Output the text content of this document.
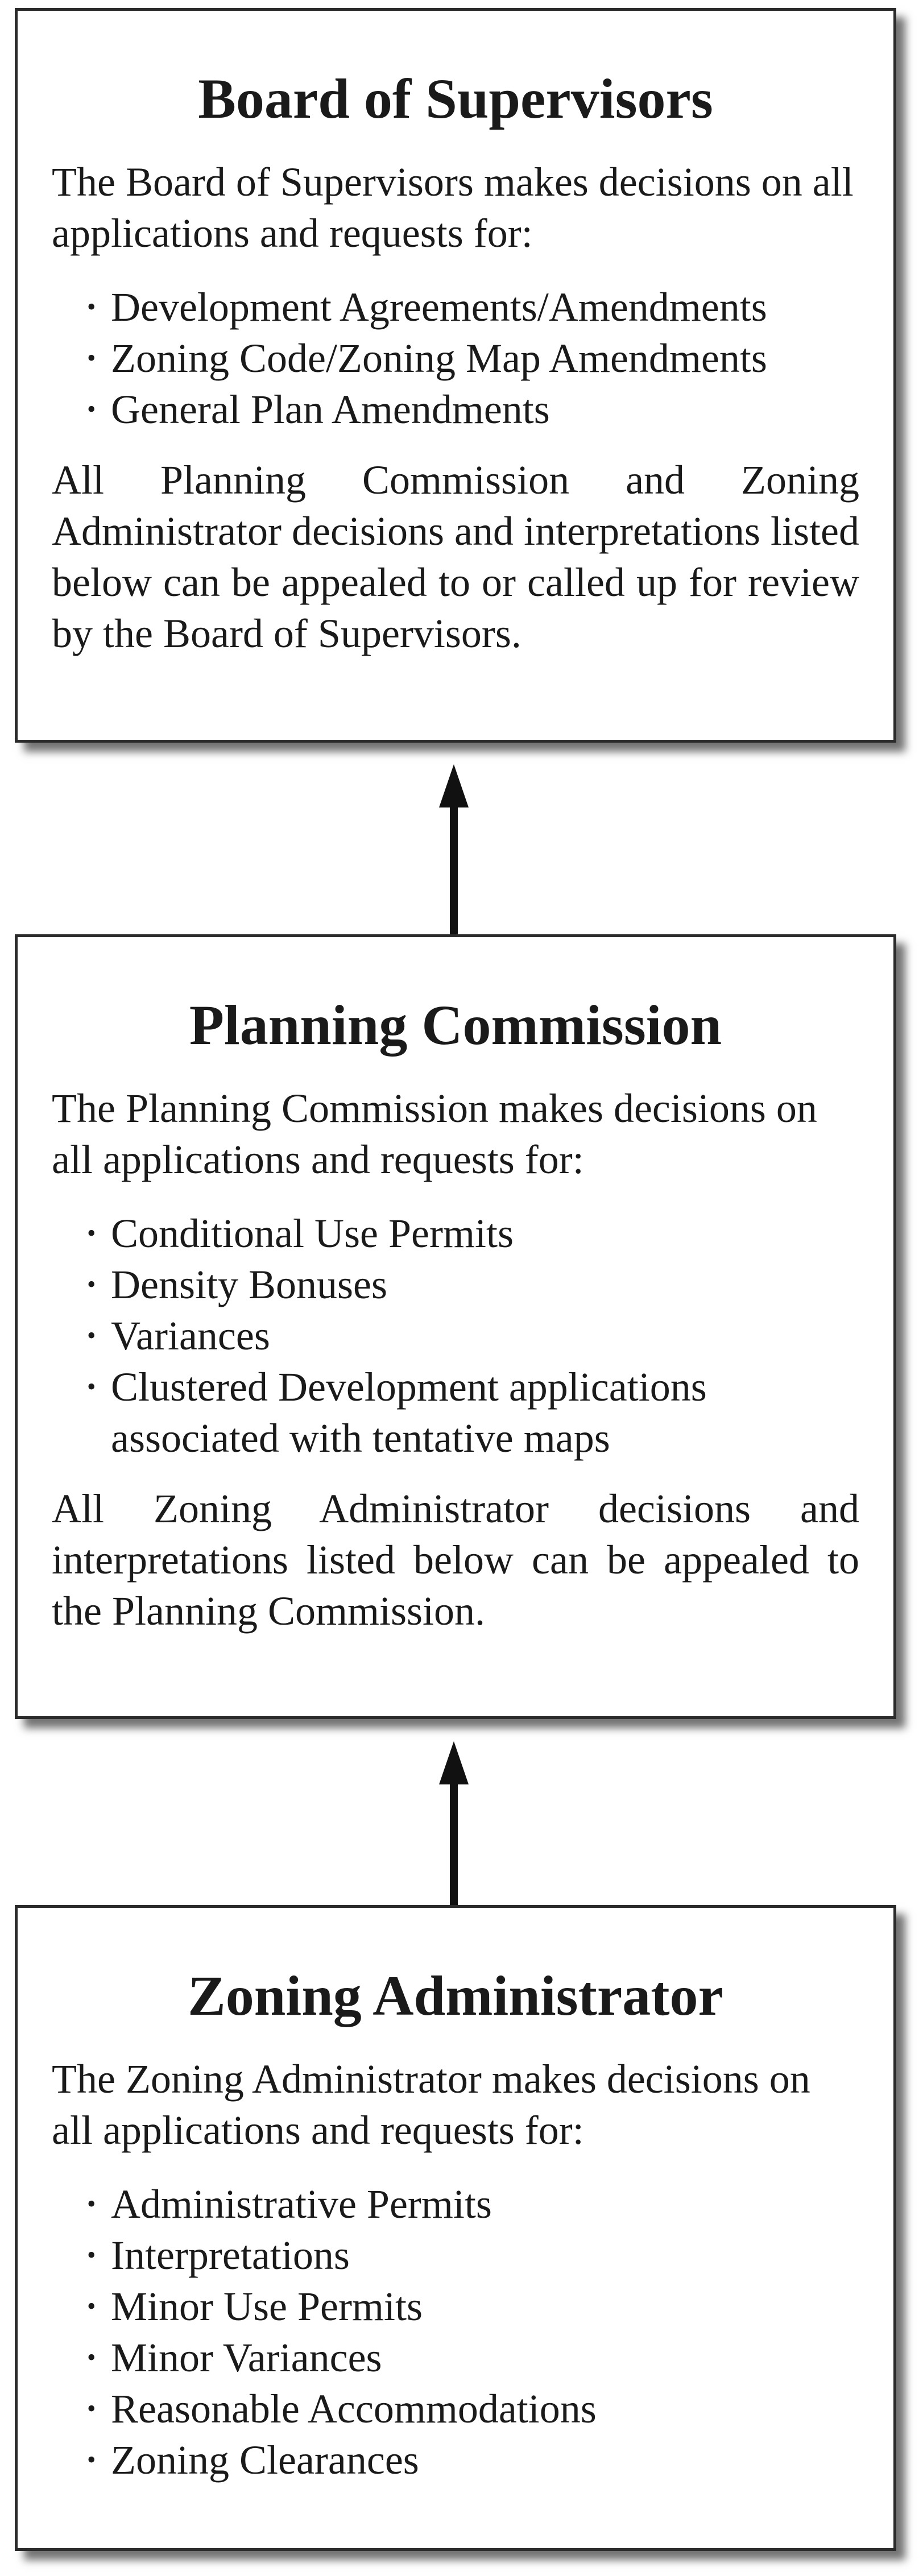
Board of Supervisors

The Board of Supervisors makes decisions on all applications and requests for:

• Development Agreements/Amendments
• Zoning Code/Zoning Map Amendments
• General Plan Amendments

All Planning Commission and Zoning Administrator decisions and interpretations listed below can be appealed to or called up for review by the Board of Supervisors.

Planning Commission

The Planning Commission makes decisions on all applications and requests for:

• Conditional Use Permits
• Density Bonuses
• Variances
• Clustered Development applications associated with tentative maps

All Zoning Administrator decisions and interpretations listed below can be appealed to the Planning Commission.

Zoning Administrator

The Zoning Administrator makes decisions on all applications and requests for:

• Administrative Permits
• Interpretations
• Minor Use Permits
• Minor Variances
• Reasonable Accommodations
• Zoning Clearances
